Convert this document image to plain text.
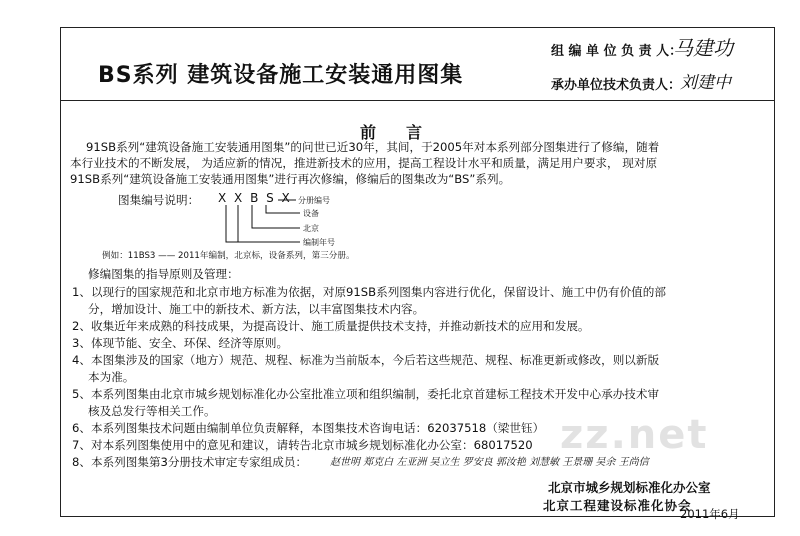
BS系列 建筑设备施工安装通用图集
组 编 单 位 负 责 人：
马建功
承办单位技术负责人：
刘建中
前言
91SB系列“建筑设备施工安装通用图集”的问世已近30年，其间，于2005年对本系列部分图集进行了修编，随着
本行业技术的不断发展， 为适应新的情况，推进新技术的应用，提高工程设计水平和质量，满足用户要求， 现对原
91SB系列“建筑设备施工安装通用图集”进行再次修编，修编后的图集改为“BS”系列。
图集编号说明： X X B S X 分册编号
设备
北京
编制年号
例如：11BS3 —— 2011年编制，北京标，设备系列，第三分册。
修编图集的指导原则及管理：
1、以现行的国家规范和北京市地方标准为依据，对原91SB系列图集内容进行优化，保留设计、施工中仍有价值的部
分，增加设计、施工中的新技术、新方法，以丰富图集技术内容。
2、收集近年来成熟的科技成果，为提高设计、施工质量提供技术支持，并推动新技术的应用和发展。
3、体现节能、安全、环保、经济等原则。
4、本图集涉及的国家（地方）规范、规程、标准为当前版本，今后若这些规范、规程、标准更新或修改，则以新版
本为准。
5、本系列图集由北京市城乡规划标准化办公室批准立项和组织编制，委托北京首建标工程技术开发中心承办技术审
核及总发行等相关工作。
6、本系列图集技术问题由编制单位负责解释，本图集技术咨询电话：62037518（梁世钰）
7、对本系列图集使用中的意见和建议，请转告北京市城乡规划标准化办公室：68017520
8、本系列图集第3分册技术审定专家组成员： 赵世明 郑克白 左亚洲 吴立生 罗安良 郭汝艳 刘慧敏 王景珊 吴余 王尚信
zz.net
北京市城乡规划标准化办公室
北京工程建设标准化协会
2011年6月
